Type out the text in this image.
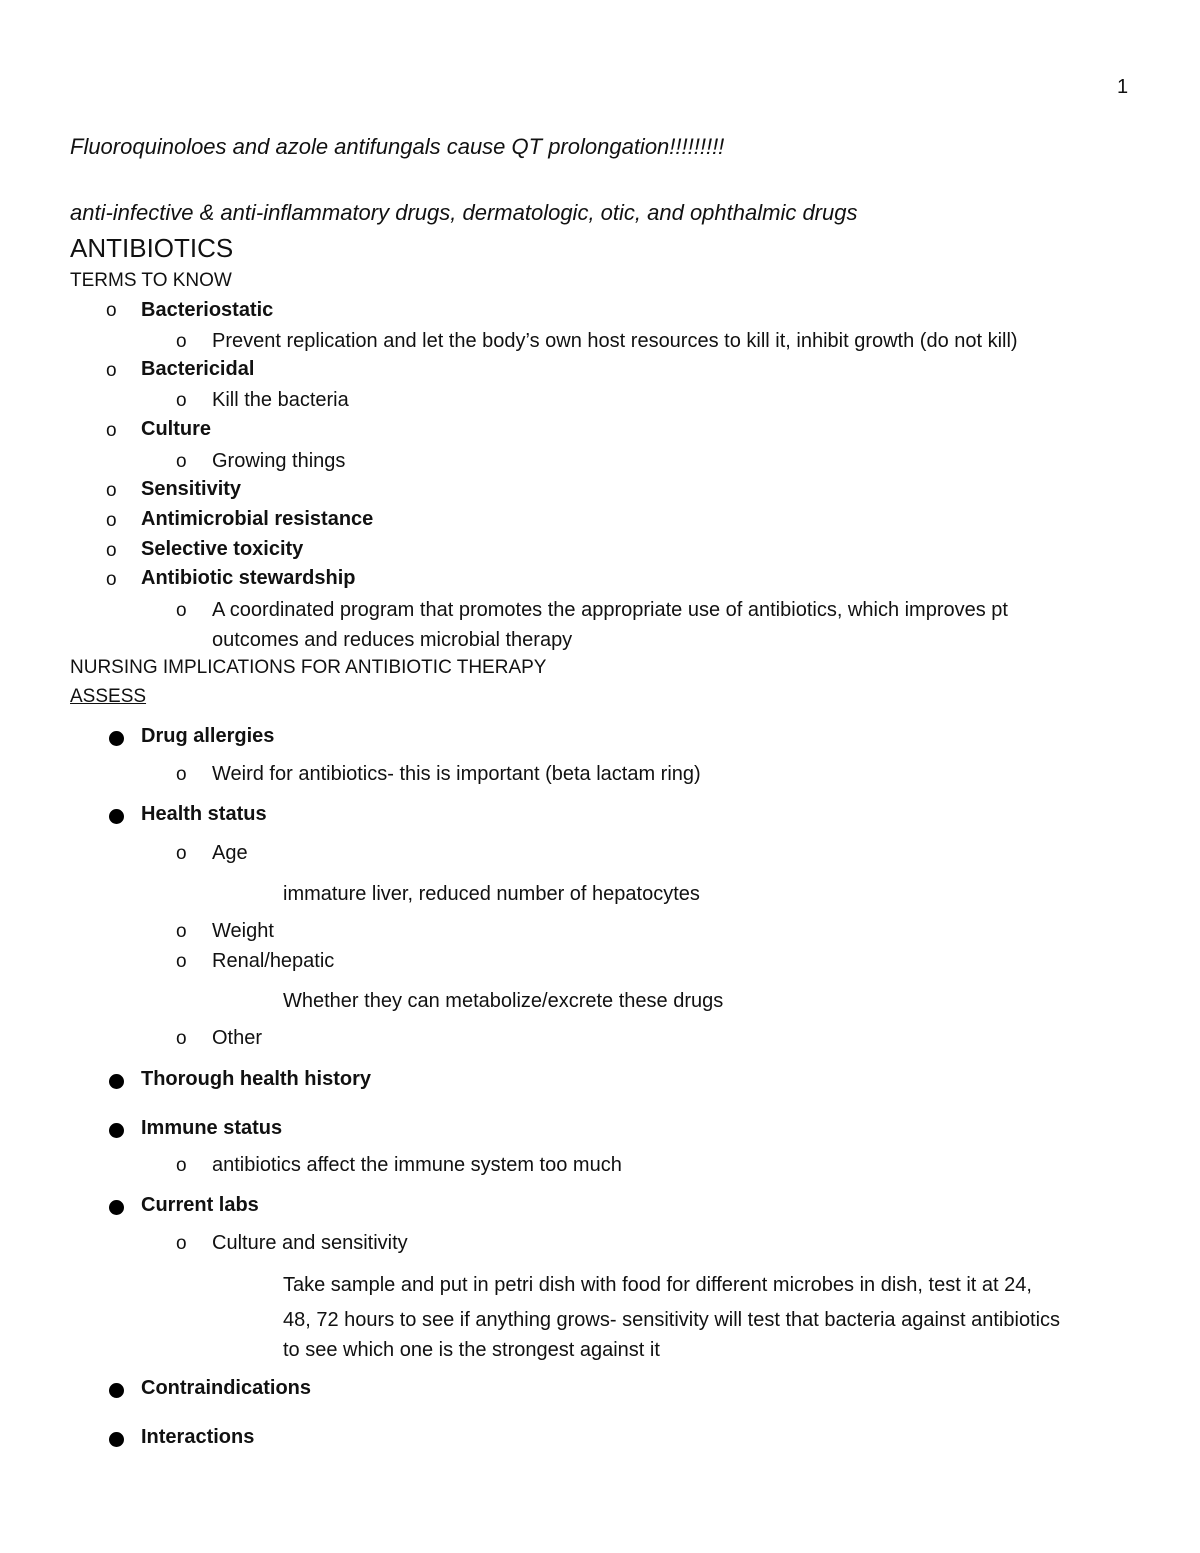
1
Fluoroquinoloes and azole antifungals cause QT prolongation!!!!!!!!!
anti-infective & anti-inflammatory drugs, dermatologic, otic, and ophthalmic drugs
ANTIBIOTICS
TERMS TO KNOW
o Bacteriostatic
o Prevent replication and let the body’s own host resources to kill it, inhibit growth (do not kill)
o Bactericidal
o Kill the bacteria
o Culture
o Growing things
o Sensitivity
o Antimicrobial resistance
o Selective toxicity
o Antibiotic stewardship
o A coordinated program that promotes the appropriate use of antibiotics, which improves pt
outcomes and reduces microbial therapy
NURSING IMPLICATIONS FOR ANTIBIOTIC THERAPY
ASSESS
Drug allergies
o Weird for antibiotics- this is important (beta lactam ring)
Health status
o Age
immature liver, reduced number of hepatocytes
o Weight
o Renal/hepatic
Whether they can metabolize/excrete these drugs
o Other
Thorough health history
Immune status
o antibiotics affect the immune system too much
Current labs
o Culture and sensitivity
Take sample and put in petri dish with food for different microbes in dish, test it at 24,
48, 72 hours to see if anything grows- sensitivity will test that bacteria against antibiotics
to see which one is the strongest against it
Contraindications
Interactions
